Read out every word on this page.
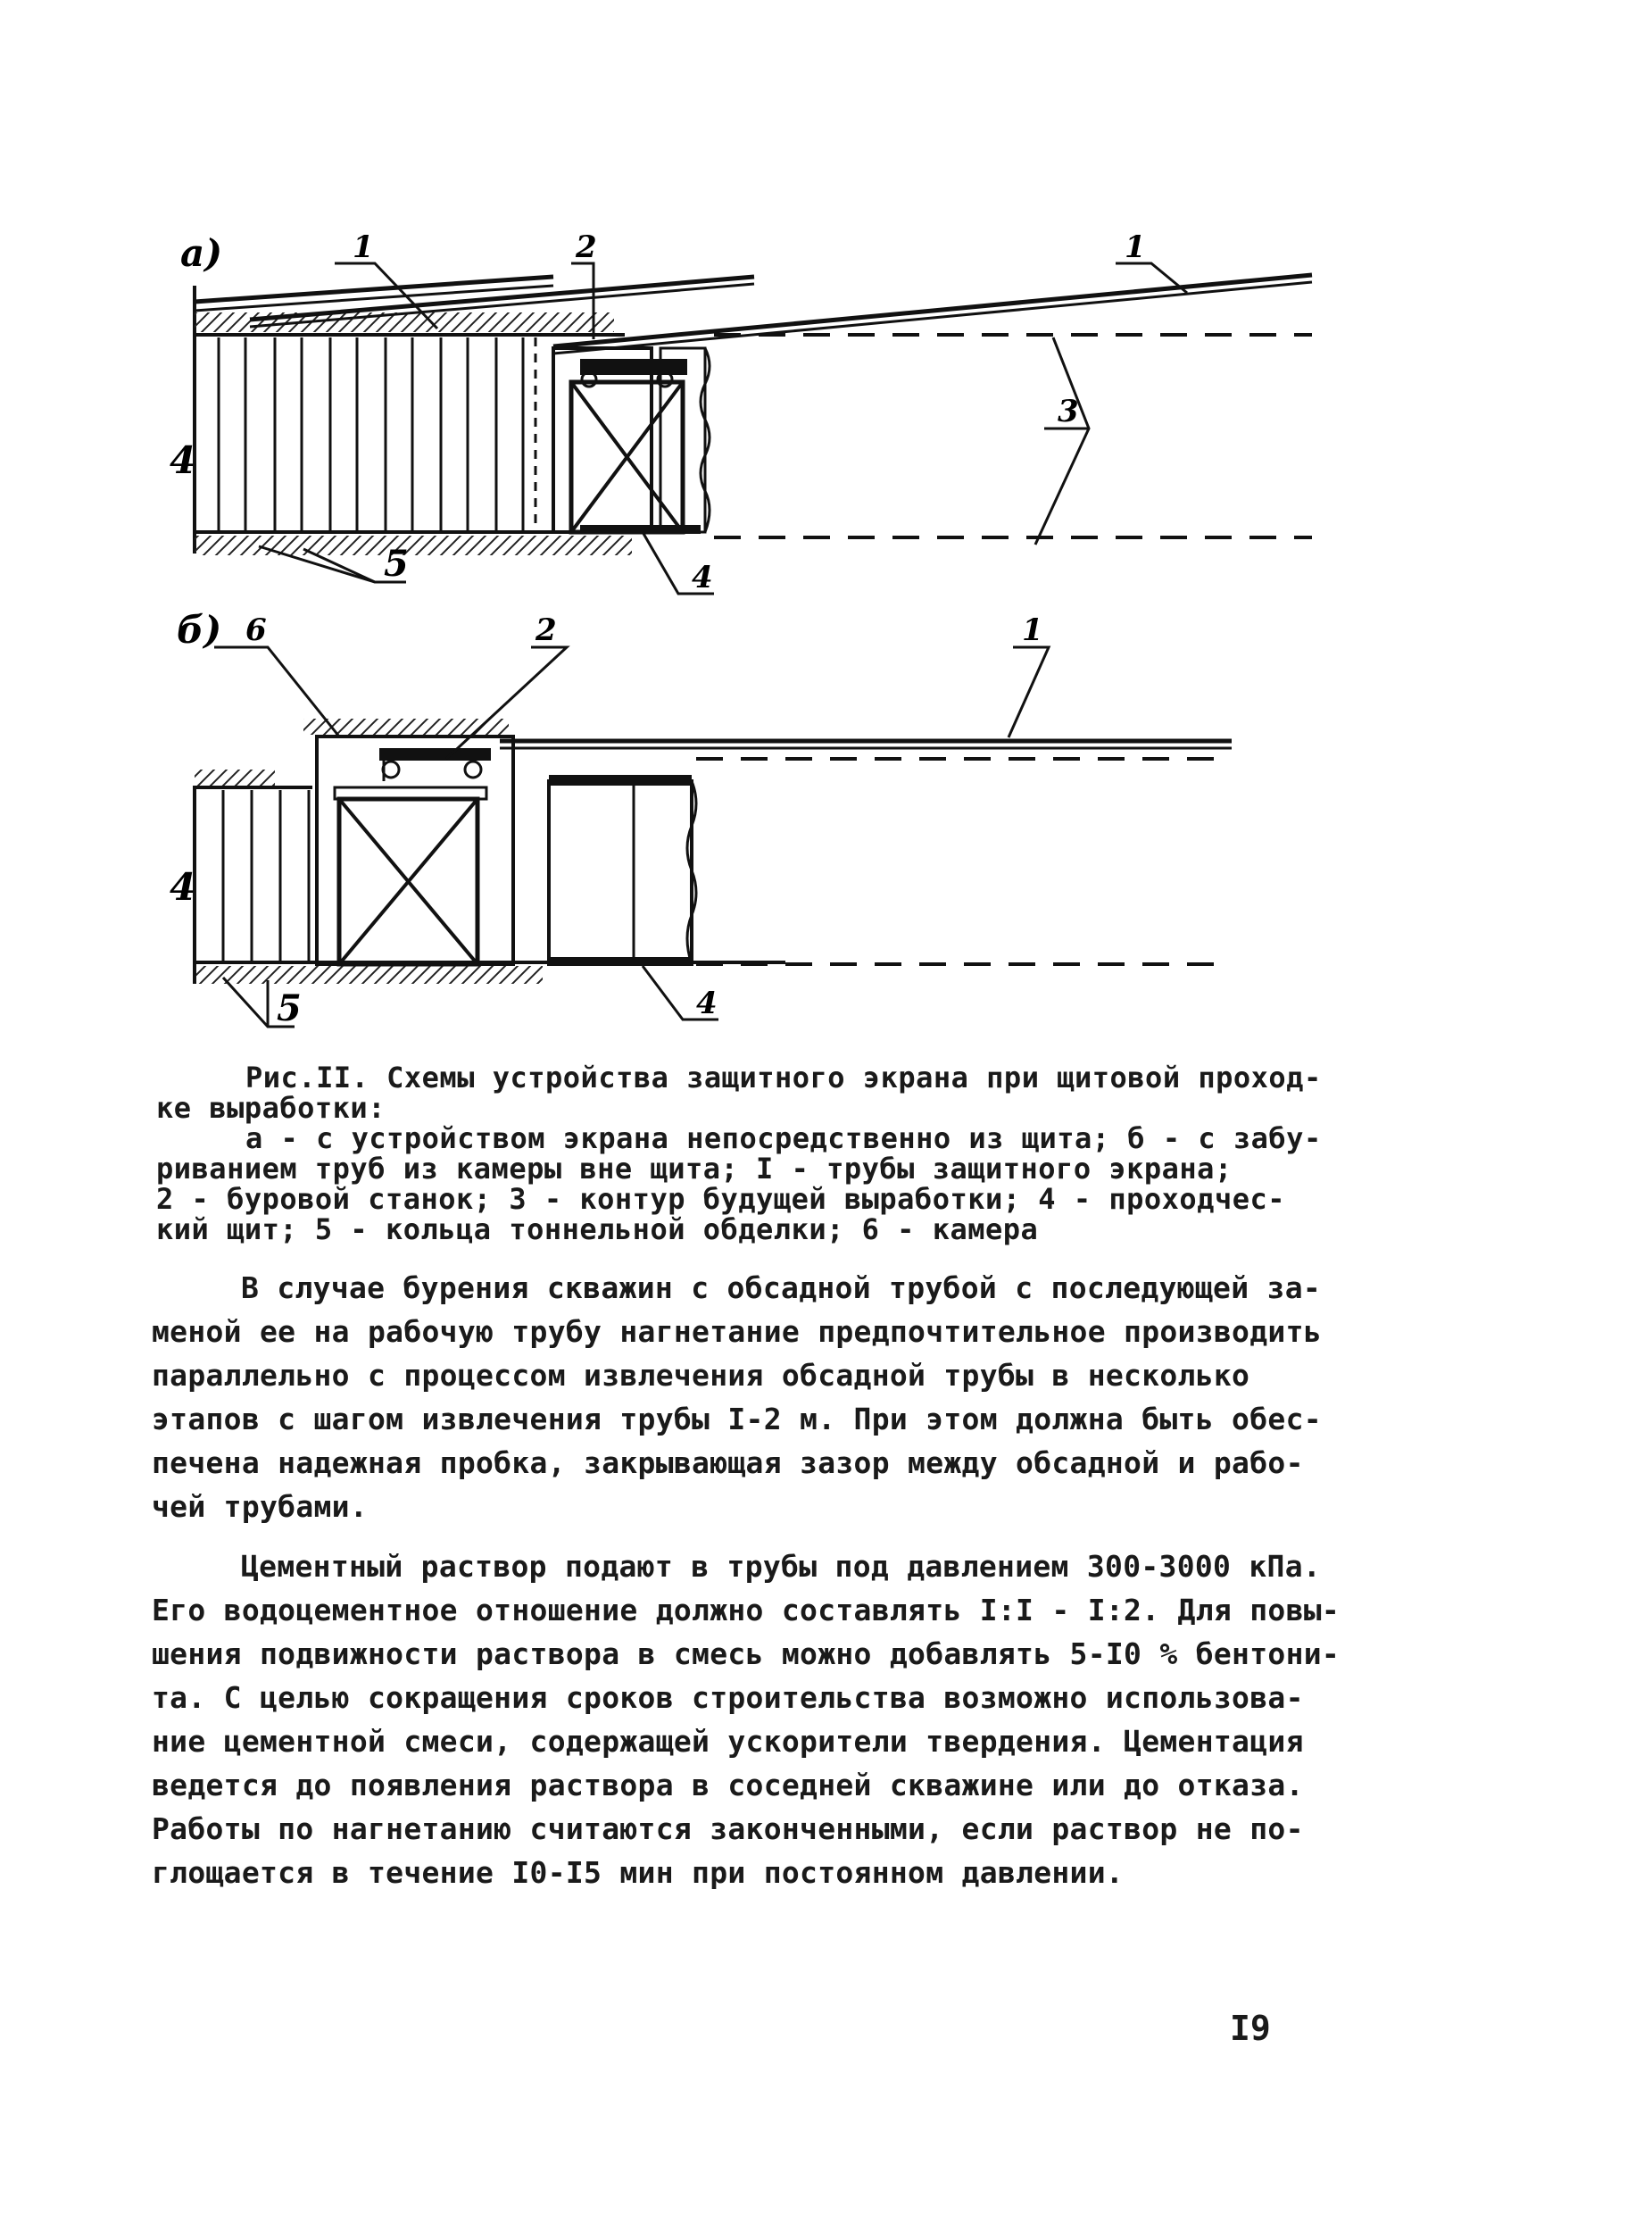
а)	1	2	1
3
4
4
5
б) 6	2	1
4
4
5

Рис.II. Схемы устройства защитного экрана при щитовой проход-

ке выработки:

а - с устройством экрана непосредственно из щита; б - с забу-

риванием труб из камеры вне щита; I - трубы защитного экрана;

2 - буровой станок; 3 - контур будущей выработки; 4 - проходчес-

кий щит; 5 - кольца тоннельной обделки; 6 - камера

В случае бурения скважин с обсадной трубой с последующей за-

меной ее на рабочую трубу нагнетание предпочтительное производить

параллельно с процессом извлечения обсадной трубы в несколько

этапов с шагом извлечения трубы I-2 м. При этом должна быть обес-

печена надежная пробка, закрывающая зазор между обсадной и рабо-

чей трубами.

Цементный раствор подают в трубы под давлением 300-3000 кПа.

Его водоцементное отношение должно составлять I:I - I:2. Для повы-

шения подвижности раствора в смесь можно добавлять 5-I0 % бентони-

та. С целью сокращения сроков строительства возможно использова-

ние цементной смеси, содержащей ускорители твердения. Цементация

ведется до появления раствора в соседней скважине или до отказа.

Работы по нагнетанию считаются законченными, если раствор не по-

глощается в течение I0-I5 мин при постоянном давлении.

I9
